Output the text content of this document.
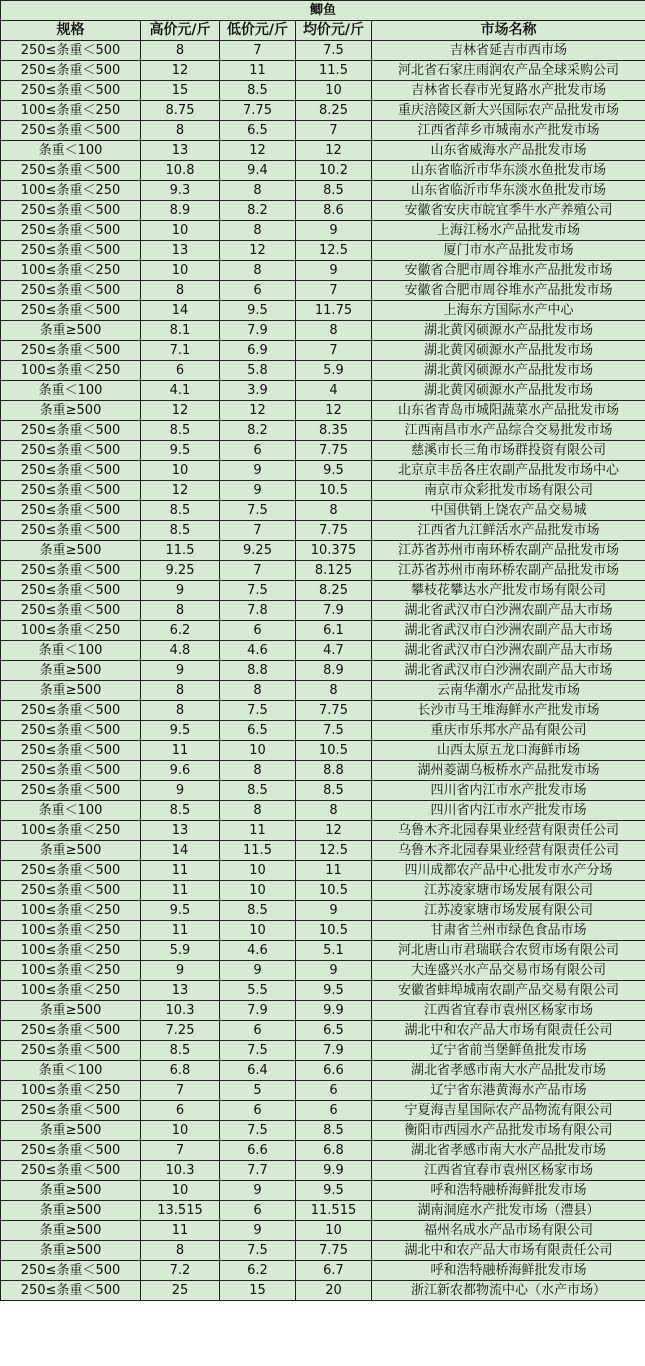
鲫鱼				
规格	高价元/斤	低价元/斤	均价元/斤	市场名称
250≤条重＜500	8	7	7.5	吉林省延吉市西市场
250≤条重＜500	12	11	11.5	河北省石家庄雨润农产品全球采购公司
250≤条重＜500	15	8.5	10	吉林省长春市光复路水产批发市场
100≤条重＜250	8.75	7.75	8.25	重庆涪陵区新大兴国际农产品批发市场
250≤条重＜500	8	6.5	7	江西省萍乡市城南水产批发市场
条重＜100	13	12	12	山东省威海水产品批发市场
250≤条重＜500	10.8	9.4	10.2	山东省临沂市华东淡水鱼批发市场
100≤条重＜250	9.3	8	8.5	山东省临沂市华东淡水鱼批发市场
250≤条重＜500	8.9	8.2	8.6	安徽省安庆市皖宜季牛水产养殖公司
250≤条重＜500	10	8	9	上海江杨水产品批发市场
250≤条重＜500	13	12	12.5	厦门市水产品批发市场
100≤条重＜250	10	8	9	安徽省合肥市周谷堆水产品批发市场
250≤条重＜500	8	6	7	安徽省合肥市周谷堆水产品批发市场
250≤条重＜500	14	9.5	11.75	上海东方国际水产中心
条重≥500	8.1	7.9	8	湖北黄冈硕源水产品批发市场
250≤条重＜500	7.1	6.9	7	湖北黄冈硕源水产品批发市场
100≤条重＜250	6	5.8	5.9	湖北黄冈硕源水产品批发市场
条重＜100	4.1	3.9	4	湖北黄冈硕源水产品批发市场
条重≥500	12	12	12	山东省青岛市城阳蔬菜水产品批发市场
250≤条重＜500	8.5	8.2	8.35	江西南昌市水产品综合交易批发市场
250≤条重＜500	9.5	6	7.75	慈溪市长三角市场群投资有限公司
250≤条重＜500	10	9	9.5	北京京丰岳各庄农副产品批发市场中心
250≤条重＜500	12	9	10.5	南京市众彩批发市场有限公司
250≤条重＜500	8.5	7.5	8	中国供销上饶农产品交易城
250≤条重＜500	8.5	7	7.75	江西省九江鲜活水产品批发市场
条重≥500	11.5	9.25	10.375	江苏省苏州市南环桥农副产品批发市场
250≤条重＜500	9.25	7	8.125	江苏省苏州市南环桥农副产品批发市场
250≤条重＜500	9	7.5	8.25	攀枝花攀达水产批发市场有限公司
250≤条重＜500	8	7.8	7.9	湖北省武汉市白沙洲农副产品大市场
100≤条重＜250	6.2	6	6.1	湖北省武汉市白沙洲农副产品大市场
条重＜100	4.8	4.6	4.7	湖北省武汉市白沙洲农副产品大市场
条重≥500	9	8.8	8.9	湖北省武汉市白沙洲农副产品大市场
条重≥500	8	8	8	云南华潮水产品批发市场
250≤条重＜500	8	7.5	7.75	长沙市马王堆海鲜水产批发市场
250≤条重＜500	9.5	6.5	7.5	重庆市乐邦水产品有限公司
250≤条重＜500	11	10	10.5	山西太原五龙口海鲜市场
250≤条重＜500	9.6	8	8.8	湖州菱湖乌板桥水产品批发市场
250≤条重＜500	9	8.5	8.5	四川省内江市水产批发市场
条重＜100	8.5	8	8	四川省内江市水产批发市场
100≤条重＜250	13	11	12	乌鲁木齐北园春果业经营有限责任公司
条重≥500	14	11.5	12.5	乌鲁木齐北园春果业经营有限责任公司
250≤条重＜500	11	10	11	四川成都农产品中心批发市水产分场
250≤条重＜500	11	10	10.5	江苏凌家塘市场发展有限公司
100≤条重＜250	9.5	8.5	9	江苏凌家塘市场发展有限公司
100≤条重＜250	11	10	10.5	甘肃省兰州市绿色食品市场
100≤条重＜250	5.9	4.6	5.1	河北唐山市君瑞联合农贸市场有限公司
100≤条重＜250	9	9	9	大连盛兴水产品交易市场有限公司
100≤条重＜250	13	5.5	9.5	安徽省蚌埠城南农副产品交易有限公司
条重≥500	10.3	7.9	9.9	江西省宜春市袁州区杨家市场
250≤条重＜500	7.25	6	6.5	湖北中和农产品大市场有限责任公司
250≤条重＜500	8.5	7.5	7.9	辽宁省前当堡鲜鱼批发市场
条重＜100	6.8	6.4	6.6	湖北省孝感市南大水产品批发市场
100≤条重＜250	7	5	6	辽宁省东港黄海水产品市场
250≤条重＜500	6	6	6	宁夏海吉星国际农产品物流有限公司
条重≥500	10	7.5	8.5	衡阳市西园水产品批发市场有限公司
250≤条重＜500	7	6.6	6.8	湖北省孝感市南大水产品批发市场
250≤条重＜500	10.3	7.7	9.9	江西省宜春市袁州区杨家市场
条重≥500	10	9	9.5	呼和浩特融桥海鲜批发市场
条重≥500	13.515	6	11.515	湖南洞庭水产批发市场（澧县）
条重≥500	11	9	10	福州名成水产品市场有限公司
条重≥500	8	7.5	7.75	湖北中和农产品大市场有限责任公司
250≤条重＜500	7.2	6.2	6.7	呼和浩特融桥海鲜批发市场
250≤条重＜500	25	15	20	浙江新农都物流中心（水产市场）
